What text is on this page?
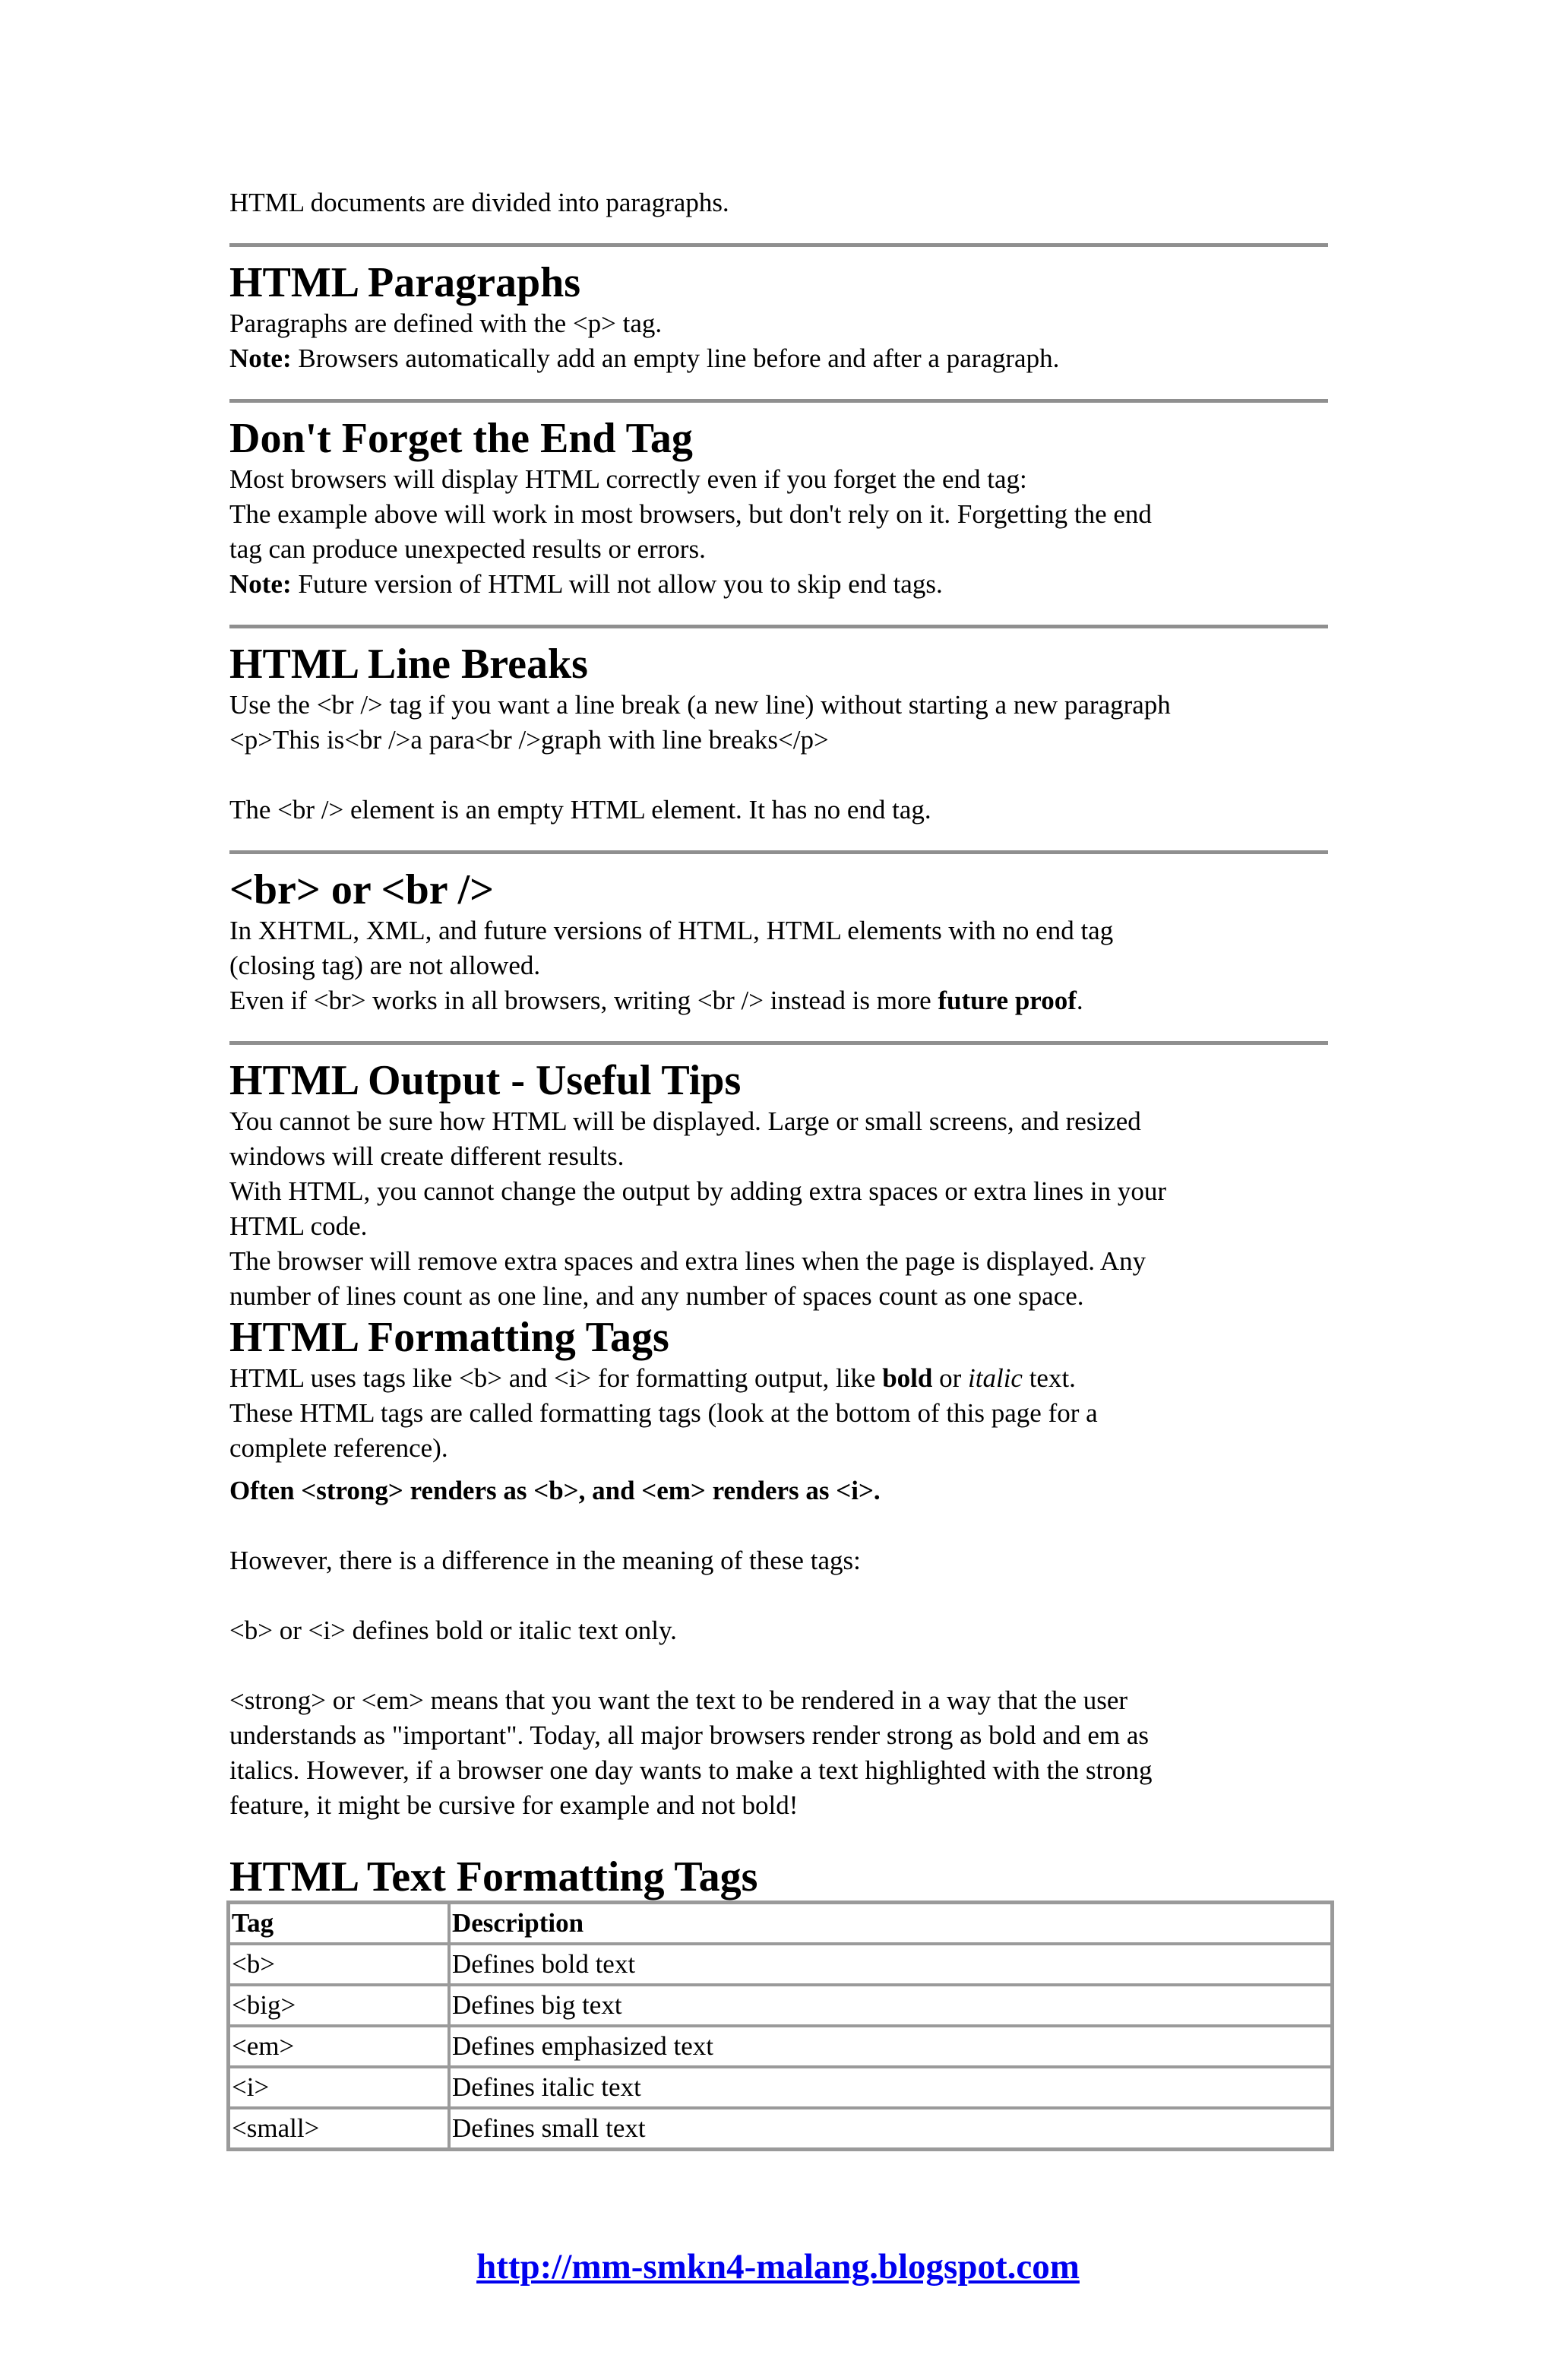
HTML documents are divided into paragraphs.

HTML Paragraphs

Paragraphs are defined with the <p> tag.

Note: Browsers automatically add an empty line before and after a paragraph.

Don't Forget the End Tag

Most browsers will display HTML correctly even if you forget the end tag:

The example above will work in most browsers, but don't rely on it. Forgetting the end

tag can produce unexpected results or errors.

Note: Future version of HTML will not allow you to skip end tags.

HTML Line Breaks

Use the <br /> tag if you want a line break (a new line) without starting a new paragraph

<p>This is<br />a para<br />graph with line breaks</p>

The <br /> element is an empty HTML element. It has no end tag.

<br> or <br />

In XHTML, XML, and future versions of HTML, HTML elements with no end tag

(closing tag) are not allowed.

Even if <br> works in all browsers, writing <br /> instead is more future proof.

HTML Output - Useful Tips

You cannot be sure how HTML will be displayed. Large or small screens, and resized

windows will create different results.

With HTML, you cannot change the output by adding extra spaces or extra lines in your

HTML code.

The browser will remove extra spaces and extra lines when the page is displayed. Any

number of lines count as one line, and any number of spaces count as one space.

HTML Formatting Tags

HTML uses tags like <b> and <i> for formatting output, like bold or italic text.

These HTML tags are called formatting tags (look at the bottom of this page for a

complete reference).

Often <strong> renders as <b>, and <em> renders as <i>.

However, there is a difference in the meaning of these tags:

<b> or <i> defines bold or italic text only.

<strong> or <em> means that you want the text to be rendered in a way that the user

understands as "important". Today, all major browsers render strong as bold and em as

italics. However, if a browser one day wants to make a text highlighted with the strong

feature, it might be cursive for example and not bold!

HTML Text Formatting Tags
Tag	Description
<b>	Defines bold text
<big>	Defines big text
<em>	Defines emphasized text
<i>	Defines italic text
<small>	Defines small text
http://mm-smkn4-malang.blogspot.com
